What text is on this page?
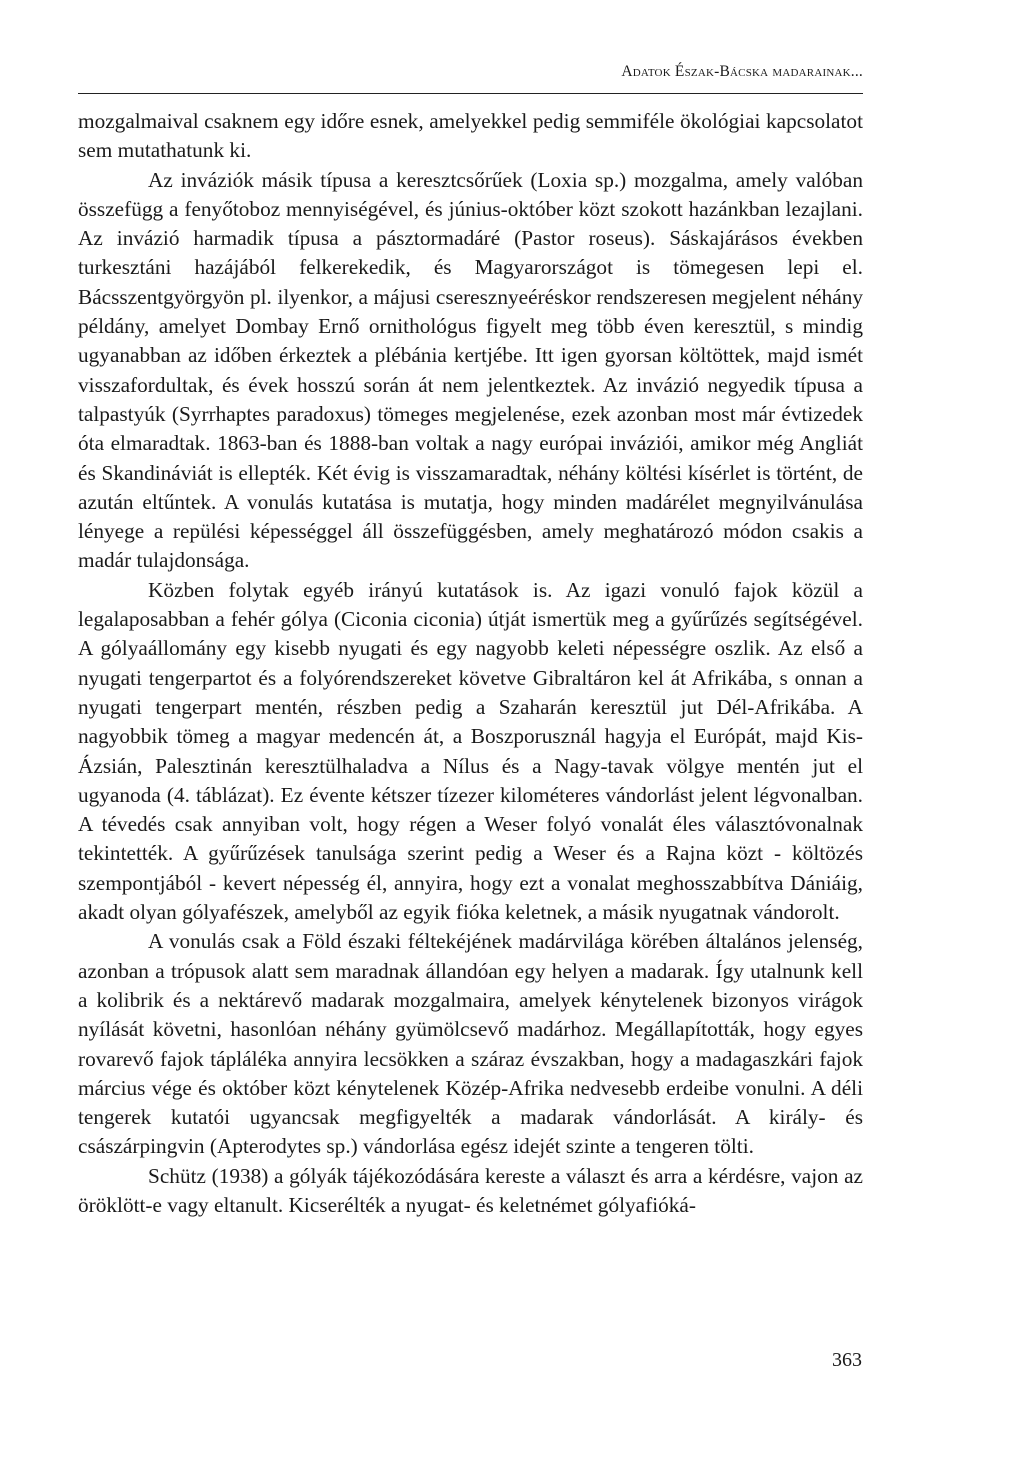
Adatok Észak-Bácska madarainak...

mozgalmaival csaknem egy időre esnek, amelyekkel pedig semmiféle ökológiai kapcsolatot sem mutathatunk ki.

Az inváziók másik típusa a keresztcsőrűek (Loxia sp.) mozgalma, amely valóban összefügg a fenyőtoboz mennyiségével, és június-október közt szokott hazánkban lezajlani. Az invázió harmadik típusa a pásztormadáré (Pastor roseus). Sáskajárásos években turkesztáni hazájából felkerekedik, és Magyarországot is tömegesen lepi el. Bácsszentgyörgyön pl. ilyenkor, a májusi cseresznyeéréskor rendszeresen megjelent néhány példány, amelyet Dombay Ernő ornithológus figyelt meg több éven keresztül, s mindig ugyanabban az időben érkeztek a plébánia kertjébe. Itt igen gyorsan költöttek, majd ismét visszafordultak, és évek hosszú során át nem jelentkeztek. Az invázió negyedik típusa a talpastyúk (Syrrhaptes paradoxus) tömeges megjelenése, ezek azonban most már évtizedek óta elmaradtak. 1863-ban és 1888-ban voltak a nagy európai inváziói, amikor még Angliát és Skandináviát is ellepték. Két évig is visszamaradtak, néhány költési kísérlet is történt, de azután eltűntek. A vonulás kutatása is mutatja, hogy minden madárélet megnyilvánulása lényege a repülési képességgel áll összefüggésben, amely meghatározó módon csakis a madár tulajdonsága.

Közben folytak egyéb irányú kutatások is. Az igazi vonuló fajok közül a legalaposabban a fehér gólya (Ciconia ciconia) útját ismertük meg a gyűrűzés segítségével. A gólyaállomány egy kisebb nyugati és egy nagyobb keleti népességre oszlik. Az első a nyugati tengerpartot és a folyórendszereket követve Gibraltáron kel át Afrikába, s onnan a nyugati tengerpart mentén, részben pedig a Szaharán keresztül jut Dél-Afrikába. A nagyobbik tömeg a magyar medencén át, a Boszporusznál hagyja el Európát, majd Kis-Ázsián, Palesztinán keresztülhaladva a Nílus és a Nagy-tavak völgye mentén jut el ugyanoda (4. táblázat). Ez évente kétszer tízezer kilométeres vándorlást jelent légvonalban. A tévedés csak annyiban volt, hogy régen a Weser folyó vonalát éles választóvonalnak tekintették. A gyűrűzések tanulsága szerint pedig a Weser és a Rajna közt - költözés szempontjából - kevert népesség él, annyira, hogy ezt a vonalat meghosszabbítva Dániáig, akadt olyan gólyafészek, amelyből az egyik fióka keletnek, a másik nyugatnak vándorolt.

A vonulás csak a Föld északi féltekéjének madárvilága körében általános jelenség, azonban a trópusok alatt sem maradnak állandóan egy helyen a madarak. Így utalnunk kell a kolibrik és a nektárevő madarak mozgalmaira, amelyek kénytelenek bizonyos virágok nyílását követni, hasonlóan néhány gyümölcsevő madárhoz. Megállapították, hogy egyes rovarevő fajok tápláléka annyira lecsökken a száraz évszakban, hogy a madagaszkári fajok március vége és október közt kénytelenek Közép-Afrika nedvesebb erdeibe vonulni. A déli tengerek kutatói ugyancsak megfigyelték a madarak vándorlását. A király- és császárpingvin (Apterodytes sp.) vándorlása egész idejét szinte a tengeren tölti.

Schütz (1938) a gólyák tájékozódására kereste a választ és arra a kérdésre, vajon az öröklött-e vagy eltanult. Kicserélték a nyugat- és keletnémet gólyafióká-

363
